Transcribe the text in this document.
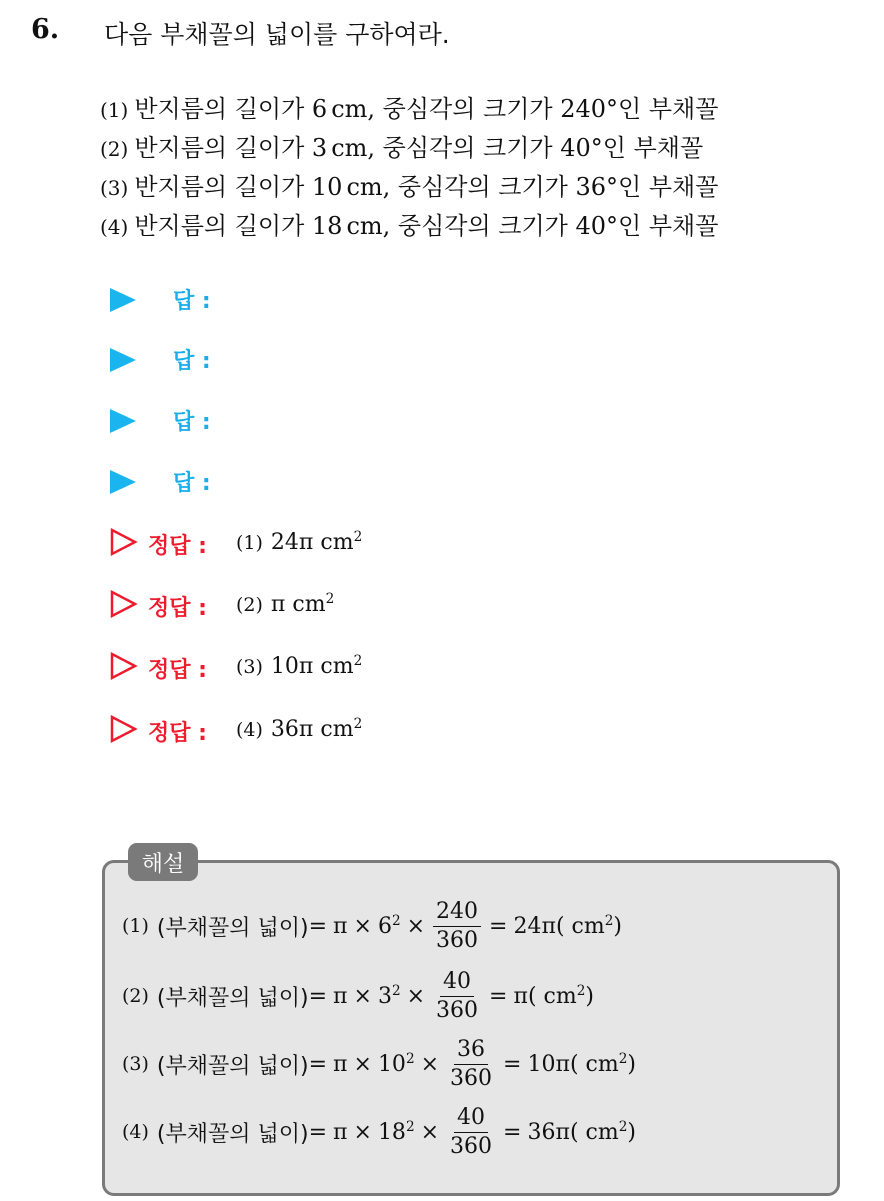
6. 다음 부채꼴의 넓이를 구하여라.
(1) 반지름의 길이가 6 cm, 중심각의 크기가 240°인 부채꼴
(2) 반지름의 길이가 3 cm, 중심각의 크기가 40°인 부채꼴
(3) 반지름의 길이가 10 cm, 중심각의 크기가 36°인 부채꼴
(4) 반지름의 길이가 18 cm, 중심각의 크기가 40°인 부채꼴
답 :
답 :
답 :
답 :
정답 : (1) 24π $cm^2$
정답 : (2) π $cm^2$
정답 : (3) 10π $cm^2$
정답 : (4) 36π $cm^2$
해설
(1) (부채꼴의 넓이) = $\pi \times 6^2 \times \frac{240}{360} = 24\pi$( $cm^2$)
(2) (부채꼴의 넓이) = $\pi \times 3^2 \times \frac{40}{360} = \pi$( $cm^2$)
(3) (부채꼴의 넓이) = $\pi \times 10^2 \times \frac{36}{360} = 10\pi$( $cm^2$)
(4) (부채꼴의 넓이) = $\pi \times 18^2 \times \frac{40}{360} = 36\pi$( $cm^2$)
